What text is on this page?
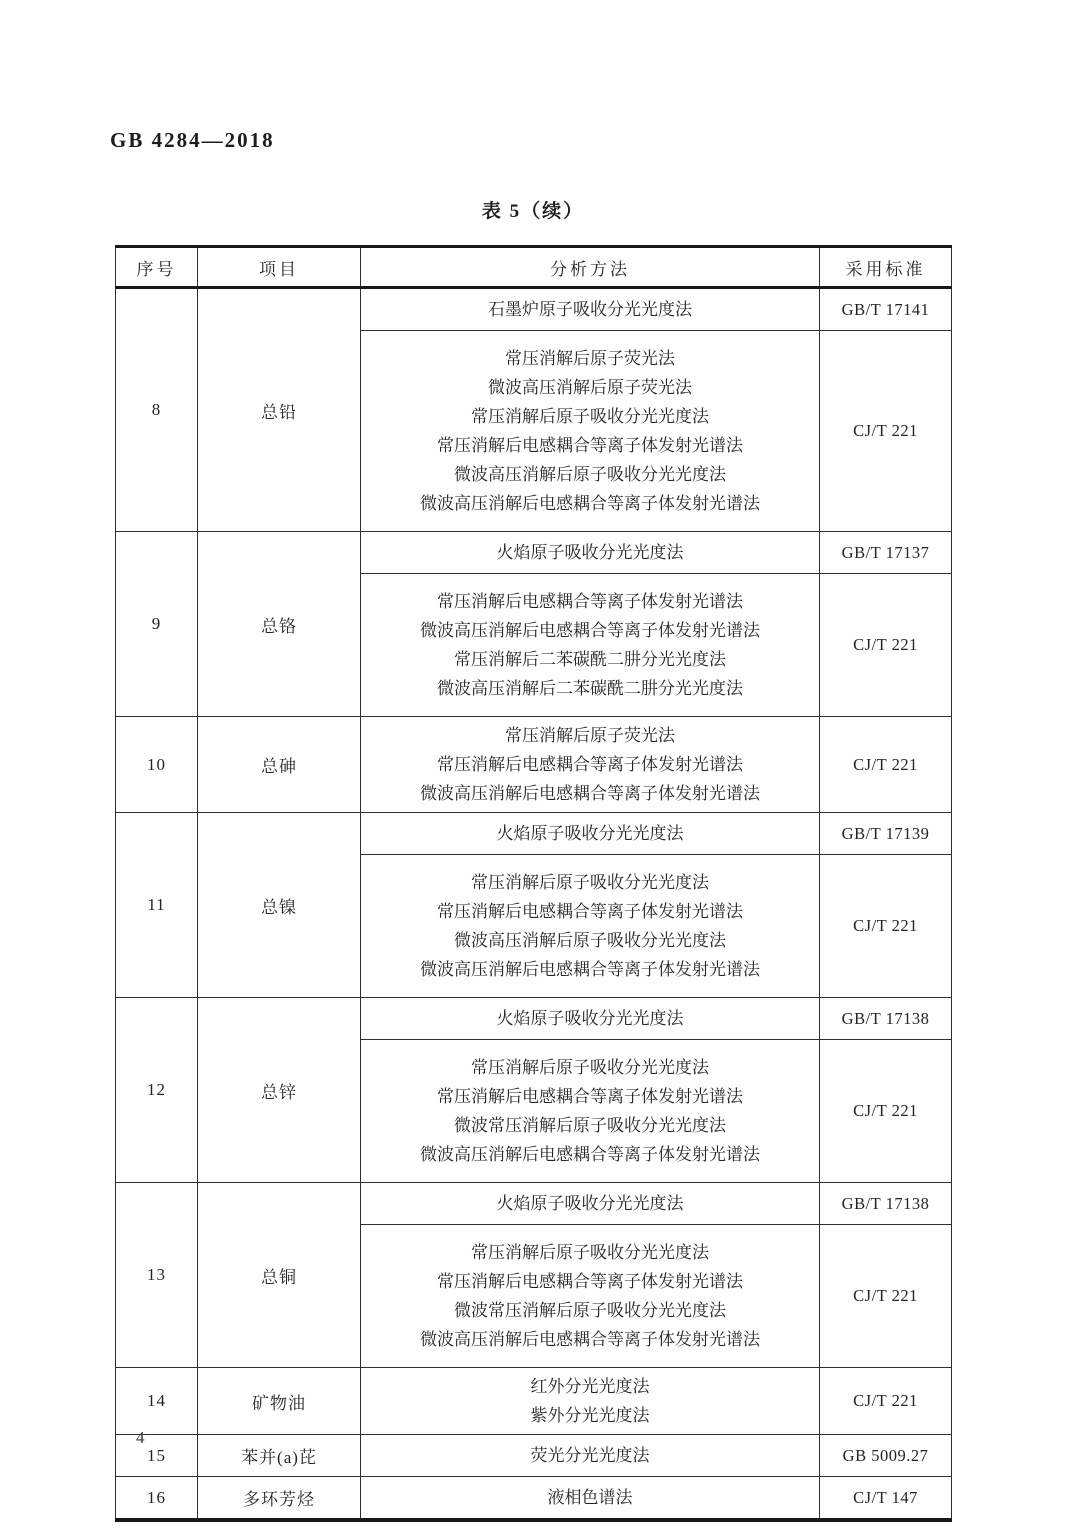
GB 4284—2018
表 5（续）
序号	项目	分析方法	采用标准
8	总铅	石墨炉原子吸收分光光度法	GB/T 17141

常压消解后原子荧光法
微波高压消解后原子荧光法
常压消解后原子吸收分光光度法
常压消解后电感耦合等离子体发射光谱法
微波高压消解后原子吸收分光光度法
微波高压消解后电感耦合等离子体发射光谱法
	CJ/T 221
9	总铬	火焰原子吸收分光光度法	GB/T 17137

		常压消解后电感耦合等离子体发射光谱法
微波高压消解后电感耦合等离子体发射光谱法
常压消解后二苯碳酰二肼分光光度法
微波高压消解后二苯碳酰二肼分光光度法	CJ/T 221
10	总砷	常压消解后原子荧光法
常压消解后电感耦合等离子体发射光谱法
微波高压消解后电感耦合等离子体发射光谱法	CJ/T 221
11	总镍	火焰原子吸收分光光度法	GB/T 17139

		常压消解后原子吸收分光光度法
常压消解后电感耦合等离子体发射光谱法
微波高压消解后原子吸收分光光度法
微波高压消解后电感耦合等离子体发射光谱法	CJ/T 221
12	总锌	火焰原子吸收分光光度法	GB/T 17138

		常压消解后原子吸收分光光度法
常压消解后电感耦合等离子体发射光谱法
微波常压消解后原子吸收分光光度法
微波高压消解后电感耦合等离子体发射光谱法	CJ/T 221
13	总铜	火焰原子吸收分光光度法	GB/T 17138

		常压消解后原子吸收分光光度法
常压消解后电感耦合等离子体发射光谱法
微波常压消解后原子吸收分光光度法
微波高压消解后电感耦合等离子体发射光谱法	CJ/T 221
14	矿物油	红外分光光度法
紫外分光光度法	CJ/T 221
15	苯并(a)芘	荧光分光光度法	GB 5009.27
16	多环芳烃	液相色谱法	CJ/T 147
4
